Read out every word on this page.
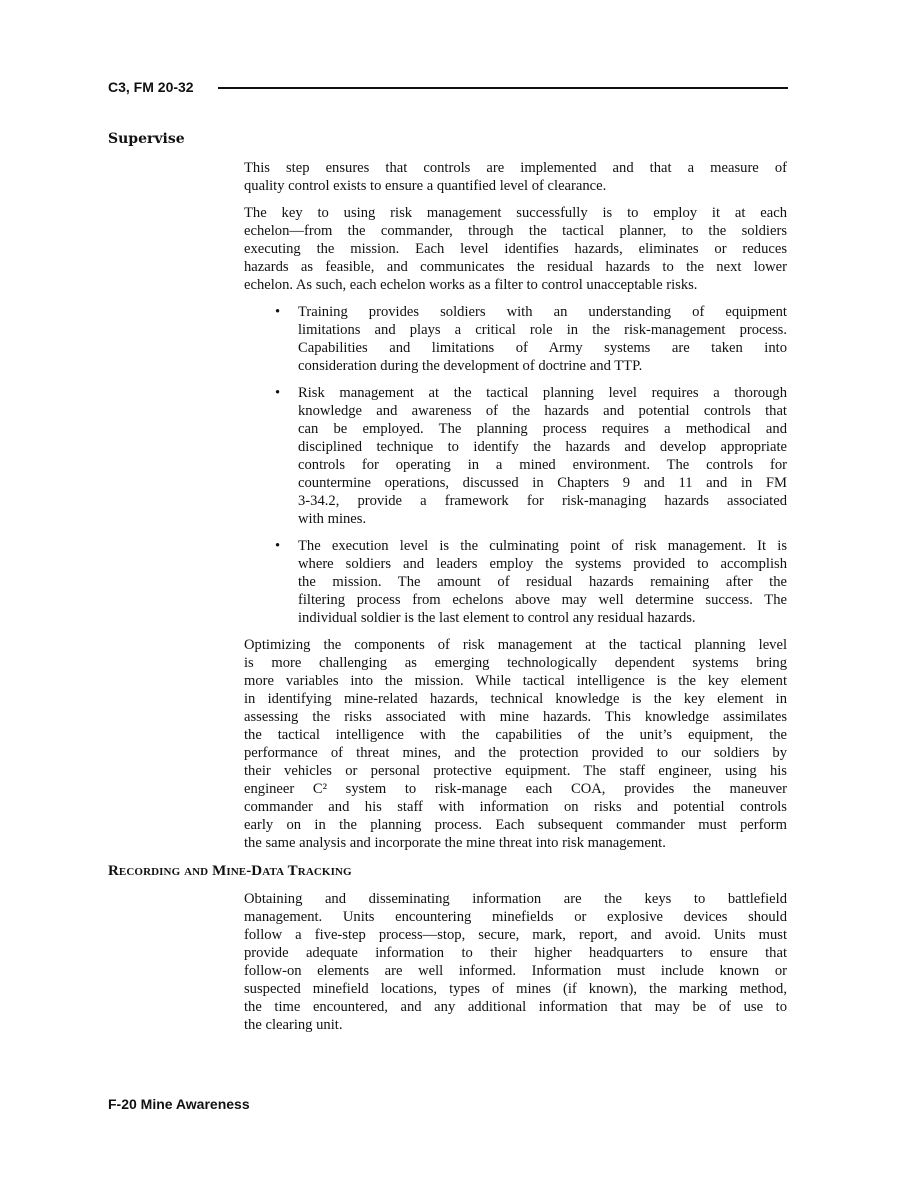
C3, FM 20-32
Supervise
This step ensures that controls are implemented and that a measure of
quality control exists to ensure a quantified level of clearance.
The key to using risk management successfully is to employ it at each
echelon—from the commander, through the tactical planner, to the soldiers
executing the mission. Each level identifies hazards, eliminates or reduces
hazards as feasible, and communicates the residual hazards to the next lower
echelon. As such, each echelon works as a filter to control unacceptable risks.
• Training provides soldiers with an understanding of equipment
limitations and plays a critical role in the risk-management process.
Capabilities and limitations of Army systems are taken into
consideration during the development of doctrine and TTP.
• Risk management at the tactical planning level requires a thorough
knowledge and awareness of the hazards and potential controls that
can be employed. The planning process requires a methodical and
disciplined technique to identify the hazards and develop appropriate
controls for operating in a mined environment. The controls for
countermine operations, discussed in Chapters 9 and 11 and in FM
3-34.2, provide a framework for risk-managing hazards associated
with mines.
• The execution level is the culminating point of risk management. It is
where soldiers and leaders employ the systems provided to accomplish
the mission. The amount of residual hazards remaining after the
filtering process from echelons above may well determine success. The
individual soldier is the last element to control any residual hazards.
Optimizing the components of risk management at the tactical planning level
is more challenging as emerging technologically dependent systems bring
more variables into the mission. While tactical intelligence is the key element
in identifying mine-related hazards, technical knowledge is the key element in
assessing the risks associated with mine hazards. This knowledge assimilates
the tactical intelligence with the capabilities of the unit’s equipment, the
performance of threat mines, and the protection provided to our soldiers by
their vehicles or personal protective equipment. The staff engineer, using his
engineer C² system to risk-manage each COA, provides the maneuver
commander and his staff with information on risks and potential controls
early on in the planning process. Each subsequent commander must perform
the same analysis and incorporate the mine threat into risk management.
Recording and Mine-Data Tracking
Obtaining and disseminating information are the keys to battlefield
management. Units encountering minefields or explosive devices should
follow a five-step process—stop, secure, mark, report, and avoid. Units must
provide adequate information to their higher headquarters to ensure that
follow-on elements are well informed. Information must include known or
suspected minefield locations, types of mines (if known), the marking method,
the time encountered, and any additional information that may be of use to
the clearing unit.
F-20 Mine Awareness
